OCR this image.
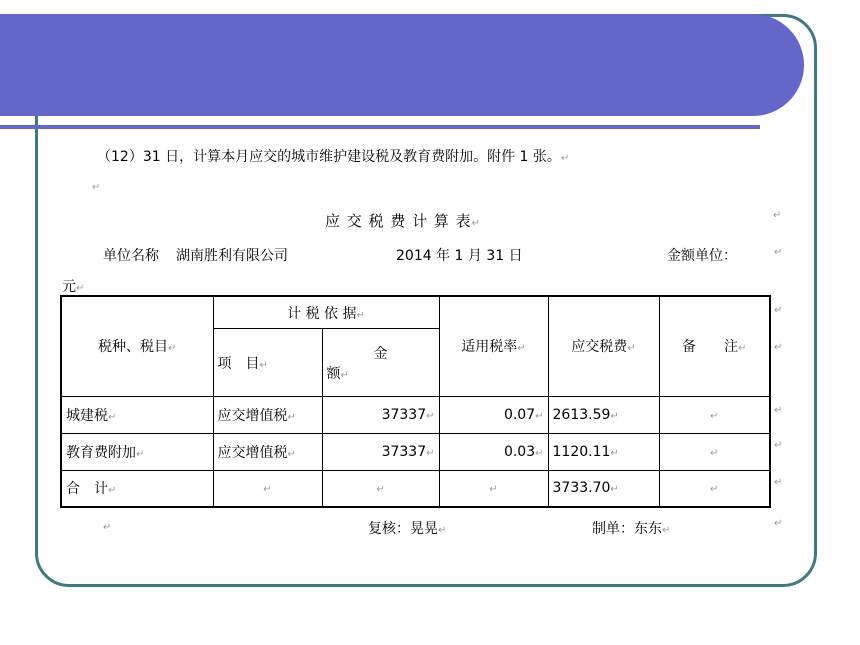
（12）31 日，计算本月应交的城市维护建设税及教育费附加。附件 1 张。↵
↵
应 交 税 费 计 算 表↵
↵
单位名称 湖南胜利有限公司	2014 年 1 月 31 日	金额单位：	↵
元↵
税种、税目↵	计 税 依 据↵		适用税率↵	应交税费↵	备　　注↵
	项　目↵	金
额↵			

城建税↵	应交增值税↵	37337↵	0.07↵	2613.59↵	↵
教育费附加↵	应交增值税↵	37337↵	0.03↵	1120.11↵	↵
合　计↵	↵	↵	↵	3733.70↵	↵
↵
↵
↵
↵
↵
↵	复核：晃晃↵	制单：东东↵
↵
